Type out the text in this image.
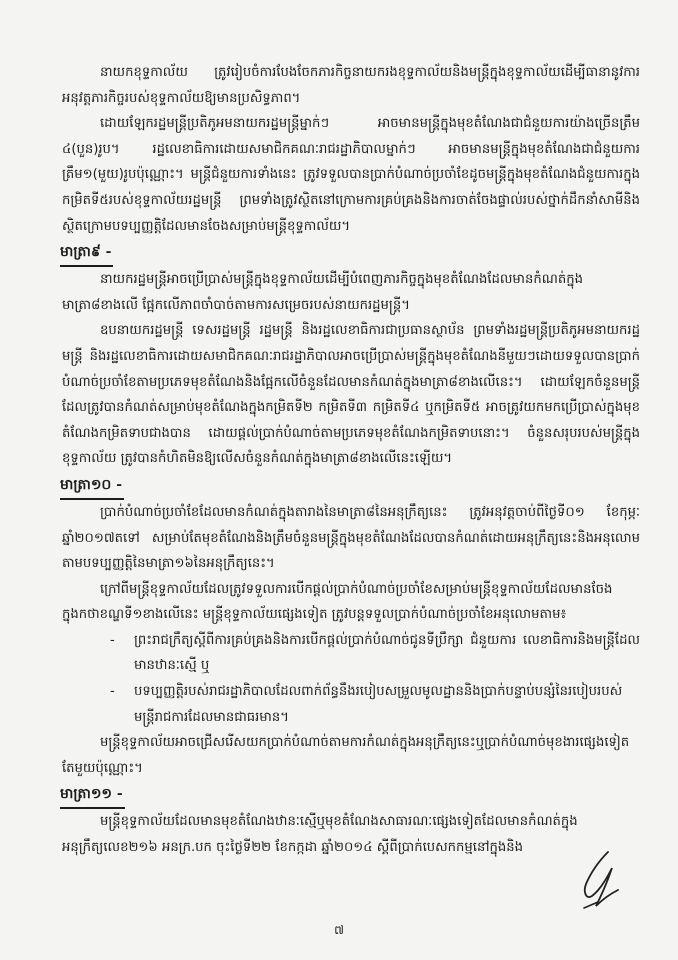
នាយកខុទ្ទកាល័យ ត្រូវរៀបចំការបែងចែកភារកិច្ចនាយករងខុទ្ទកាល័យនិងមន្ត្រីក្នុងខុទ្ទកាល័យដើម្បីធានានូវការអនុវត្តភារកិច្ចរបស់ខុទ្ទកាល័យឱ្យមានប្រសិទ្ធភាព។

ដោយឡែករដ្ឋមន្ត្រីប្រតិភូអមនាយករដ្ឋមន្ត្រីម្នាក់ៗ អាចមានមន្ត្រីក្នុងមុខតំណែងជាជំនួយការយ៉ាងច្រើនត្រឹម ៤(បួន)រូប។ រដ្ឋលេខាធិការដោយសមាជិកគណៈរាជរដ្ឋាភិបាលម្នាក់ៗ អាចមានមន្ត្រីក្នុងមុខតំណែងជាជំនួយការត្រឹម១(មួយ)រូបប៉ុណ្ណោះ។ មន្ត្រីជំនួយការទាំងនេះ ត្រូវទទួលបានប្រាក់បំណាច់ប្រចាំខែដូចមន្ត្រីក្នុងមុខតំណែងជំនួយការក្នុងកម្រិតទី៥របស់ខុទ្ទកាល័យរដ្ឋមន្ត្រី ព្រមទាំងត្រូវស្ថិតនៅក្រោមការគ្រប់គ្រងនិងការចាត់ចែងផ្ទាល់របស់ថ្នាក់ដឹកនាំសាមីនិងស្ថិតក្រោមបទប្បញ្ញត្តិដែលមានចែងសម្រាប់មន្ត្រីខុទ្ទកាល័យ។

មាត្រា៩ -

នាយករដ្ឋមន្ត្រីអាចប្រើប្រាស់មន្ត្រីក្នុងខុទ្ទកាល័យដើម្បីបំពេញភារកិច្ចក្នុងមុខតំណែងដែលមានកំណត់ក្នុងមាត្រា៨ខាងលើ ផ្អែកលើភាពចាំបាច់តាមការសម្រេចរបស់នាយករដ្ឋមន្ត្រី។

ឧបនាយករដ្ឋមន្ត្រី ទេសរដ្ឋមន្ត្រី រដ្ឋមន្ត្រី និងរដ្ឋលេខាធិការជាប្រធានស្ថាប័ន ព្រមទាំងរដ្ឋមន្ត្រីប្រតិភូអមនាយករដ្ឋមន្ត្រី និងរដ្ឋលេខាធិការដោយសមាជិកគណៈរាជរដ្ឋាភិបាលអាចប្រើប្រាស់មន្ត្រីក្នុងមុខតំណែងនីមួយៗដោយទទួលបានប្រាក់បំណាច់ប្រចាំខែតាមប្រភេទមុខតំណែងនិងផ្អែកលើចំនួនដែលមានកំណត់ក្នុងមាត្រា៨ខាងលើនេះ។ ដោយឡែកចំនួនមន្ត្រីដែលត្រូវបានកំណត់សម្រាប់មុខតំណែងក្នុងកម្រិតទី២ កម្រិតទី៣ កម្រិតទី៤ ឬកម្រិតទី៥ អាចត្រូវយកមកប្រើប្រាស់ក្នុងមុខតំណែងកម្រិតទាបជាងបាន ដោយផ្តល់ប្រាក់បំណាច់តាមប្រភេទមុខតំណែងកម្រិតទាបនោះ។ ចំនួនសរុបរបស់មន្ត្រីក្នុងខុទ្ទកាល័យ ត្រូវបានកំហិតមិនឱ្យលើសចំនួនកំណត់ក្នុងមាត្រា៨ខាងលើនេះឡើយ។

មាត្រា១០ -

ប្រាក់បំណាច់ប្រចាំខែដែលមានកំណត់ក្នុងតារាងនៃមាត្រា៨នៃអនុក្រឹត្យនេះ ត្រូវអនុវត្តចាប់ពីថ្ងៃទី០១ ខែកុម្ភៈ ឆ្នាំ២០១៧តទៅ សម្រាប់តែមុខតំណែងនិងត្រឹមចំនួនមន្ត្រីក្នុងមុខតំណែងដែលបានកំណត់ដោយអនុក្រឹត្យនេះនិងអនុលោមតាមបទប្បញ្ញត្តិនៃមាត្រា១៦នៃអនុក្រឹត្យនេះ។

ក្រៅពីមន្ត្រីខុទ្ទកាល័យដែលត្រូវទទួលការបើកផ្តល់ប្រាក់បំណាច់ប្រចាំខែសម្រាប់មន្ត្រីខុទ្ទកាល័យដែលមានចែងក្នុងកថាខណ្ឌទី១ខាងលើនេះ មន្ត្រីខុទ្ទកាល័យផ្សេងទៀត ត្រូវបន្តទទួលប្រាក់បំណាច់ប្រចាំខែអនុលោមតាម៖

- ព្រះរាជក្រឹត្យស្តីពីការគ្រប់គ្រងនិងការបើកផ្តល់ប្រាក់បំណាច់ជូនទីប្រឹក្សា ជំនួយការ លេខាធិការនិងមន្ត្រីដែលមានឋានៈស្មើ ឬ
- បទប្បញ្ញត្តិរបស់រាជរដ្ឋាភិបាលដែលពាក់ព័ន្ធនឹងរបៀបសម្រួលមូលដ្ឋាននិងប្រាក់បន្ទាប់បន្សំនៃរបៀបរបស់មន្ត្រីរាជការដែលមានជាធរមាន។

មន្ត្រីខុទ្ទកាល័យអាចជ្រើសរើសយកប្រាក់បំណាច់តាមការកំណត់ក្នុងអនុក្រឹត្យនេះឬប្រាក់បំណាច់មុខងារផ្សេងទៀតតែមួយប៉ុណ្ណោះ។

មាត្រា១១ -

មន្ត្រីខុទ្ទកាល័យដែលមានមុខតំណែងឋានៈស្មើឬមុខតំណែងសាធារណៈផ្សេងទៀតដែលមានកំណត់ក្នុងអនុក្រឹត្យលេខ២១៦ អនក្រ.បក ចុះថ្ងៃទី២២ ខែកក្កដា ឆ្នាំ២០១៤ ស្តីពីប្រាក់បេសកកម្មនៅក្នុងនិង

៧
